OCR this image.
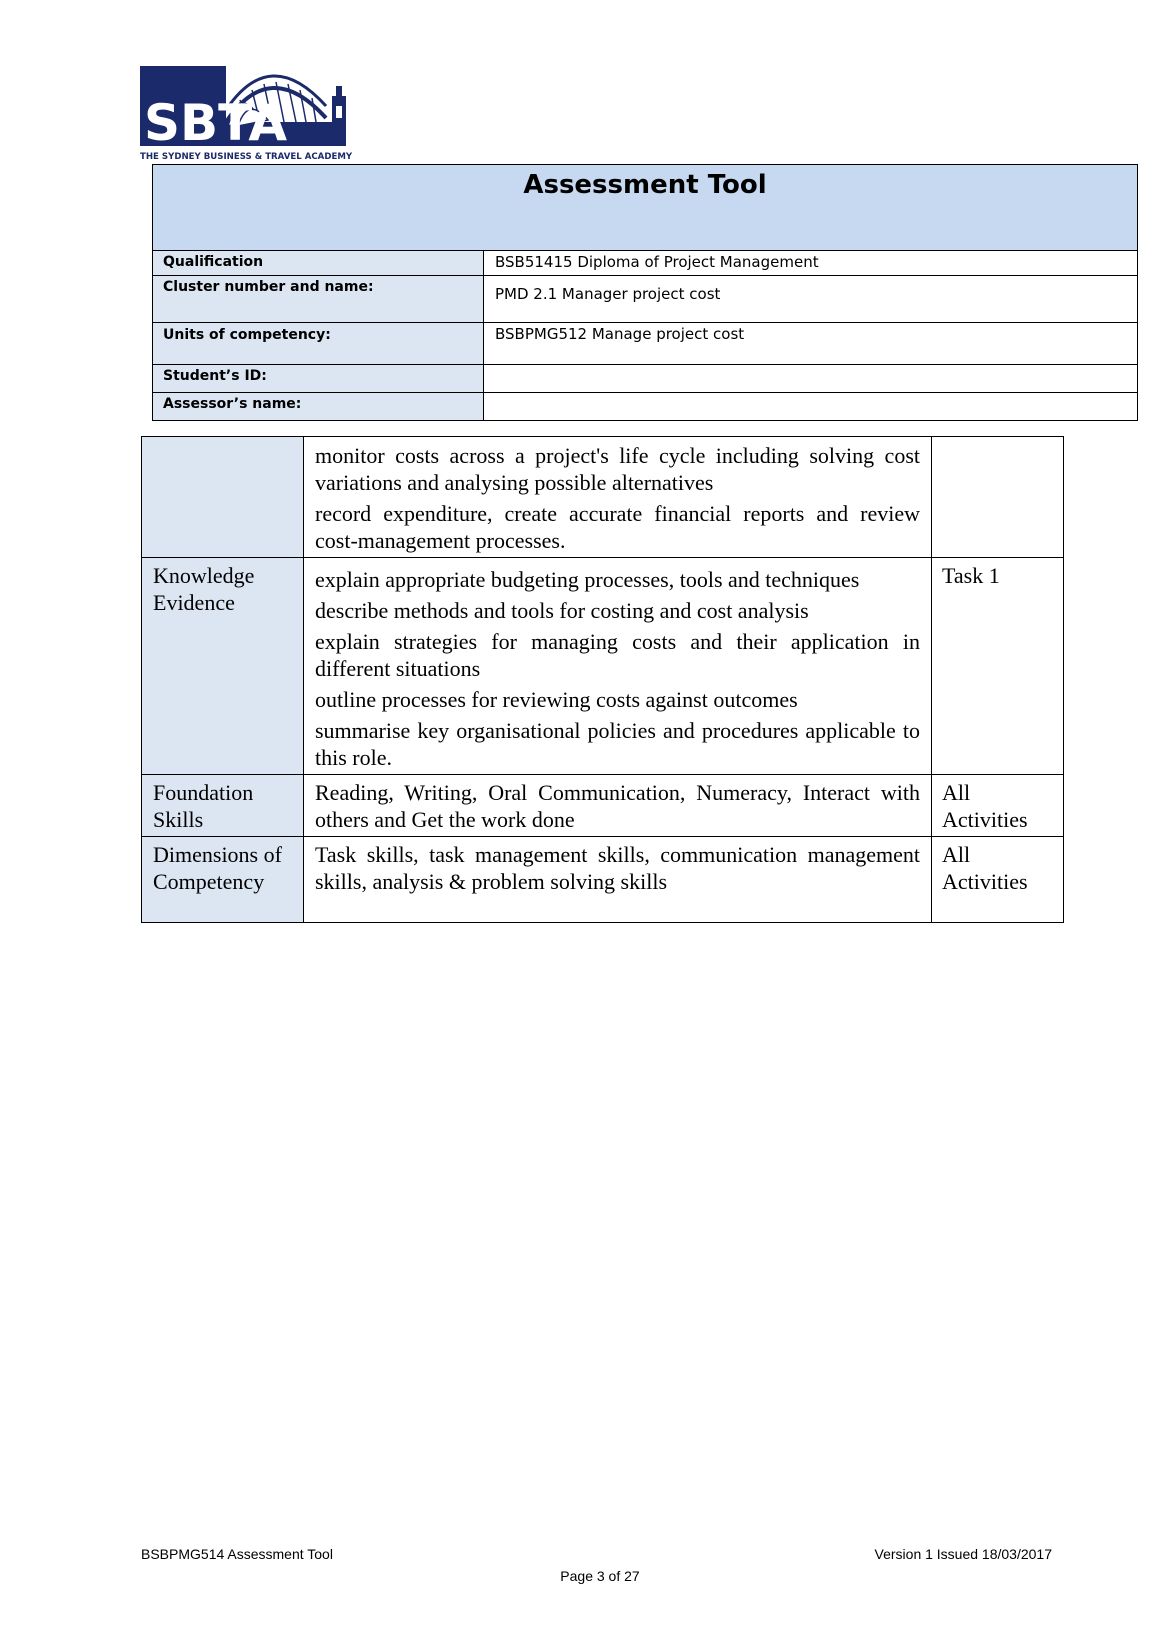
SBTA
THE SYDNEY BUSINESS & TRAVEL ACADEMY
Assessment Tool	

Qualification	BSB51415 Diploma of Project Management
Cluster number and name:	PMD 2.1 Manager project cost
Units of competency:	BSBPMG512 Manage project cost
Student’s ID:	
Assessor’s name:	

	monitor costs across a project's life cycle including solving cost variations and analysing possible alternatives

record expenditure, create accurate financial reports and review cost-management processes.	

Knowledge Evidence	explain appropriate budgeting processes, tools and techniques

describe methods and tools for costing and cost analysis

explain strategies for managing costs and their application in different situations

outline processes for reviewing costs against outcomes

summarise key organisational policies and procedures applicable to this role.	Task 1
Foundation Skills	Reading, Writing, Oral Communication, Numeracy, Interact with others and Get the work done	All Activities
Dimensions of Competency	Task skills, task management skills, communication management skills, analysis & problem solving skills	All Activities
BSBPMG514 Assessment Tool	Version 1 Issued 18/03/2017
Page 3 of 27
